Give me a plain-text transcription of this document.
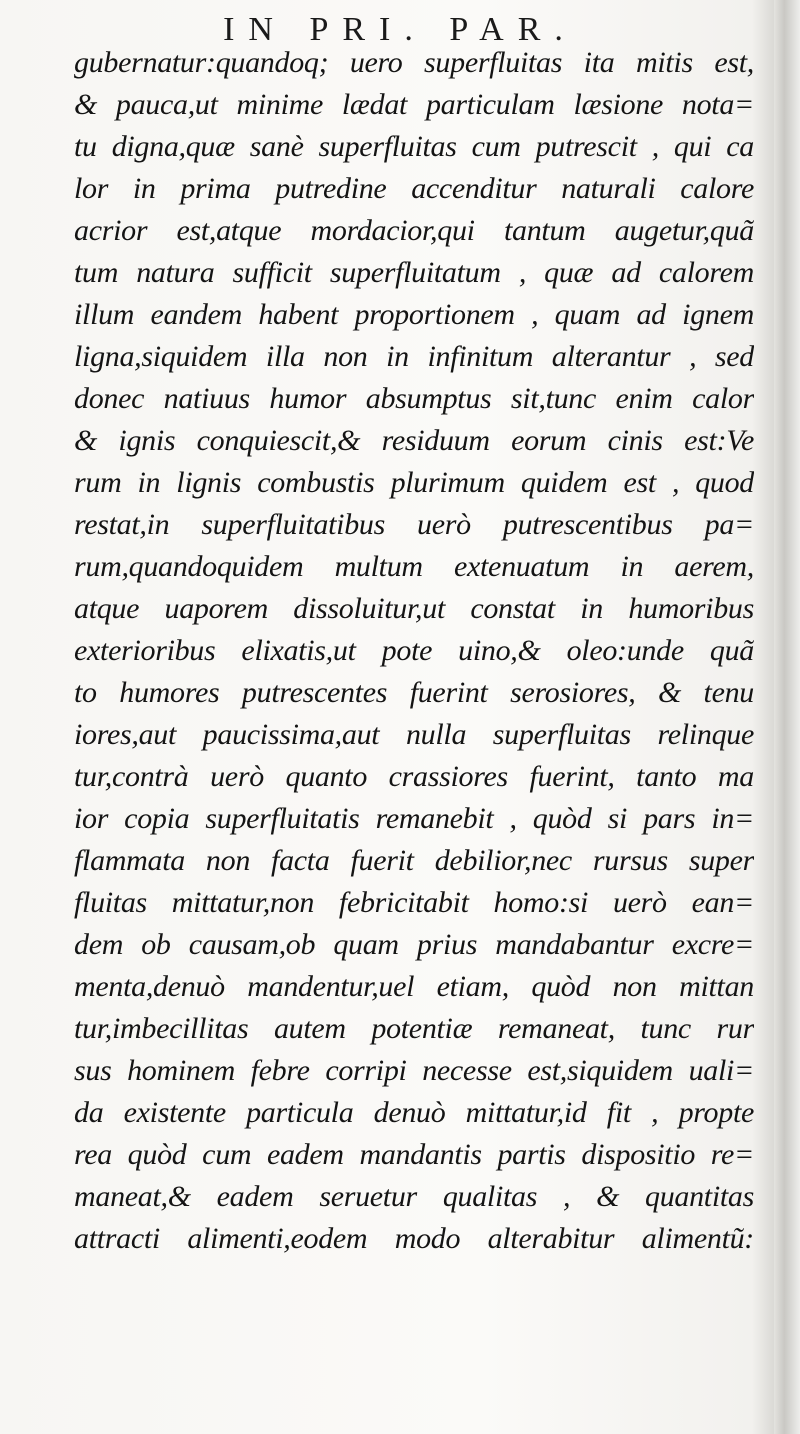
IN PRI. PAR.
gubernatur:quandoq; uero superfluitas ita mitis est,
& pauca,ut minime lædat particulam læsione nota=
tu digna,quæ sanè superfluitas cum putrescit , qui ca
lor in prima putredine accenditur naturali calore
acrior est,atque mordacior,qui tantum augetur,quã
tum natura sufficit superfluitatum , quæ ad calorem
illum eandem habent proportionem , quam ad ignem
ligna,siquidem illa non in infinitum alterantur , sed
donec natiuus humor absumptus sit,tunc enim calor
& ignis conquiescit,& residuum eorum cinis est:Ve
rum in lignis combustis plurimum quidem est , quod
restat,in superfluitatibus uerò putrescentibus pa=
rum,quandoquidem multum extenuatum in aerem,
atque uaporem dissoluitur,ut constat in humoribus
exterioribus elixatis,ut pote uino,& oleo:unde quã
to humores putrescentes fuerint serosiores, & tenu
iores,aut paucissima,aut nulla superfluitas relinque
tur,contrà uerò quanto crassiores fuerint, tanto ma
ior copia superfluitatis remanebit , quòd si pars in=
flammata non facta fuerit debilior,nec rursus super
fluitas mittatur,non febricitabit homo:si uerò ean=
dem ob causam,ob quam prius mandabantur excre=
menta,denuò mandentur,uel etiam, quòd non mittan
tur,imbecillitas autem potentiæ remaneat, tunc rur
sus hominem febre corripi necesse est,siquidem uali=
da existente particula denuò mittatur,id fit , propte
rea quòd cum eadem mandantis partis dispositio re=
maneat,& eadem seruetur qualitas , & quantitas
attracti alimenti,eodem modo alterabitur alimentũ:
